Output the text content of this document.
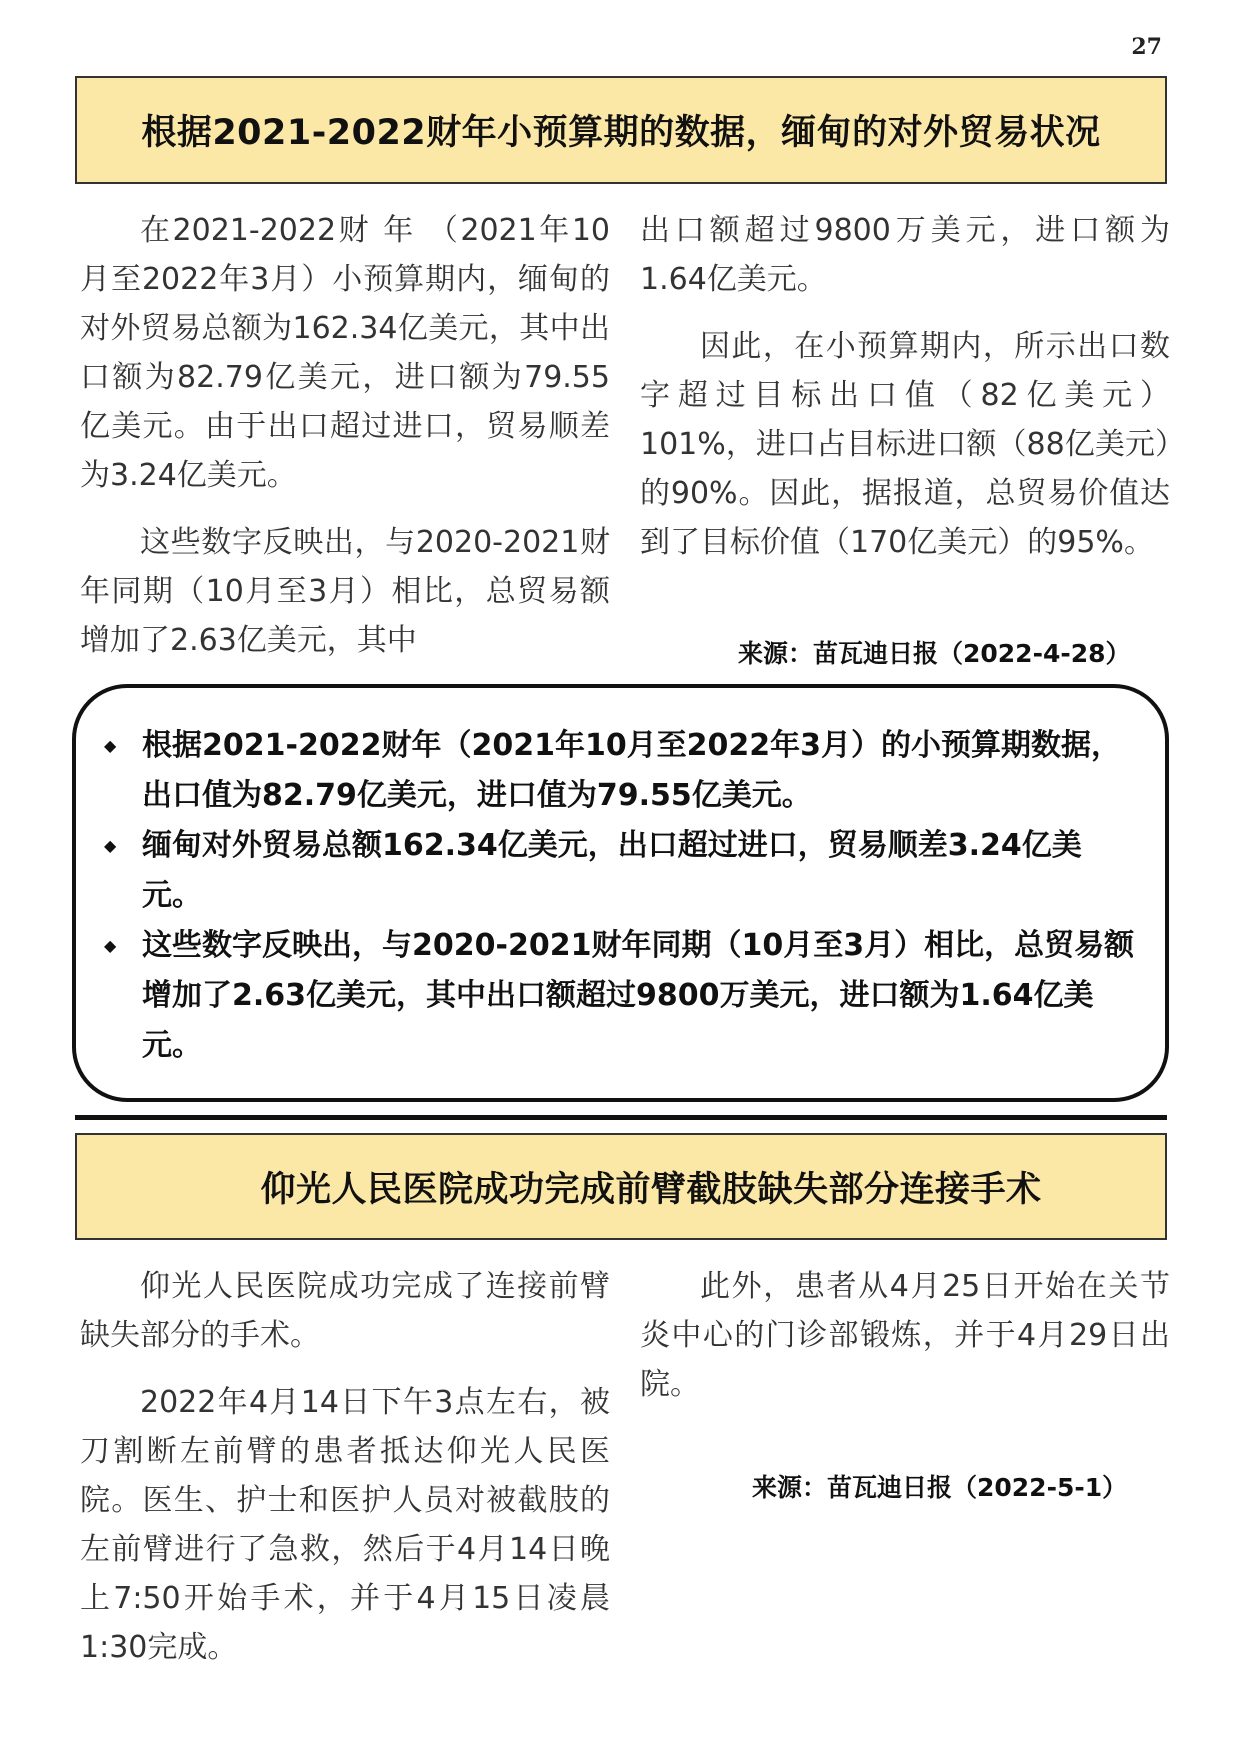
27
根据2021-2022财年小预算期的数据，缅甸的对外贸易状况

在2021-2022财 年 （2021年10月至2022年3月）小预算期内，缅甸的对外贸易总额为162.34亿美元，其中出口额为82.79亿美元，进口额为79.55亿美元。由于出口超过进口，贸易顺差为3.24亿美元。

这些数字反映出，与2020-2021财年同期（10月至3月）相比，总贸易额增加了2.63亿美元，其中

出口额超过9800万美元，进口额为1.64亿美元。

因此，在小预算期内，所示出口数字超过目标出口值（82亿美元）101%，进口占目标进口额（88亿美元）的90%。因此，据报道，总贸易价值达到了目标价值（170亿美元）的95%。

来源：苗瓦迪日报（2022-4-28）
◆ 根据2021-2022财年（2021年10月至2022年3月）的小预算期数据，出口值为82.79亿美元，进口值为79.55亿美元。
◆ 缅甸对外贸易总额162.34亿美元，出口超过进口，贸易顺差3.24亿美元。
◆ 这些数字反映出，与2020-2021财年同期（10月至3月）相比，总贸易额增加了2.63亿美元，其中出口额超过9800万美元，进口额为1.64亿美元。
仰光人民医院成功完成前臂截肢缺失部分连接手术

仰光人民医院成功完成了连接前臂缺失部分的手术。

2022年4月14日下午3点左右，被刀割断左前臂的患者抵达仰光人民医院。医生、护士和医护人员对被截肢的左前臂进行了急救，然后于4月14日晚上7:50开始手术，并于4月15日凌晨1:30完成。

此外，患者从4月25日开始在关节炎中心的门诊部锻炼，并于4月29日出院。

来源：苗瓦迪日报（2022-5-1）
